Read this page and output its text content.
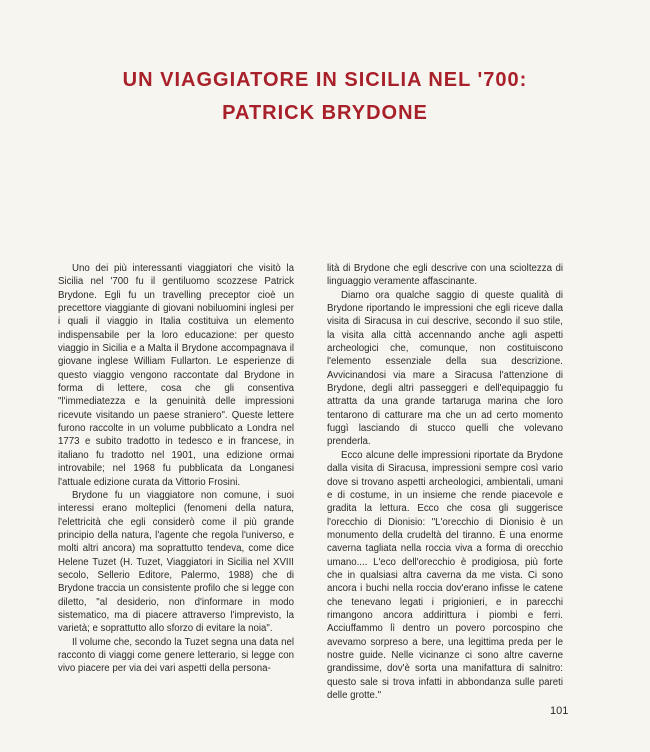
UN VIAGGIATORE IN SICILIA NEL '700:
PATRICK BRYDONE

Uno dei più interessanti viaggiatori che visitò la Sicilia nel '700 fu il gentiluomo scozzese Patrick Brydone. Egli fu un travelling preceptor cioè un precettore viaggiante di giovani nobiluomini inglesi per i quali il viaggio in Italia costituiva un elemento indispensabile per la loro educazione: per questo viaggio in Sicilia e a Malta il Brydone accompagnava il giovane inglese William Fullarton. Le esperienze di questo viaggio vengono raccontate dal Brydone in forma di lettere, cosa che gli consentiva "l'immediatezza e la genuinità delle impressioni ricevute visitando un paese straniero". Queste lettere furono raccolte in un volume pubblicato a Londra nel 1773 e subito tradotto in tedesco e in francese, in italiano fu tradotto nel 1901, una edizione ormai introvabile; nel 1968 fu pubblicata da Longanesi l'attuale edizione curata da Vittorio Frosini.

Brydone fu un viaggiatore non comune, i suoi interessi erano molteplici (fenomeni della natura, l'elettricità che egli considerò come il più grande principio della natura, l'agente che regola l'universo, e molti altri ancora) ma soprattutto tendeva, come dice Helene Tuzet (H. Tuzet, Viaggiatori in Sicilia nel XVIII secolo, Sellerio Editore, Palermo, 1988) che di Brydone traccia un consistente profilo che si legge con diletto, "al desiderio, non d'informare in modo sistematico, ma di piacere attraverso l'imprevisto, la varietà; e soprattutto allo sforzo di evitare la noia".

Il volume che, secondo la Tuzet segna una data nel racconto di viaggi come genere letterario, si legge con vivo piacere per via dei vari aspetti della persona-

lità di Brydone che egli descrive con una scioltezza di linguaggio veramente affascinante.

Diamo ora qualche saggio di queste qualità di Brydone riportando le impressioni che egli riceve dalla visita di Siracusa in cui descrive, secondo il suo stile, la visita alla città accennando anche agli aspetti archeologici che, comunque, non costituiscono l'elemento essenziale della sua descrizione. Avvicinandosi via mare a Siracusa l'attenzione di Brydone, degli altri passeggeri e dell'equipaggio fu attratta da una grande tartaruga marina che loro tentarono di catturare ma che un ad certo momento fuggì lasciando di stucco quelli che volevano prenderla.

Ecco alcune delle impressioni riportate da Brydone dalla visita di Siracusa, impressioni sempre così vario dove si trovano aspetti archeologici, ambientali, umani e di costume, in un insieme che rende piacevole e gradita la lettura. Ecco che cosa gli suggerisce l'orecchio di Dionisio: "L'orecchio di Dionisio è un monumento della crudeltà del tiranno. È una enorme caverna tagliata nella roccia viva a forma di orecchio umano.... L'eco dell'orecchio è prodigiosa, più forte che in qualsiasi altra caverna da me vista. Ci sono ancora i buchi nella roccia dov'erano infisse le catene che tenevano legati i prigionieri, e in parecchi rimangono ancora addirittura i piombi e ferri. Acciuffammo lì dentro un povero porcospino che avevamo sorpreso a bere, una legittima preda per le nostre guide. Nelle vicinanze ci sono altre caverne grandissime, dov'è sorta una manifattura di salnitro: questo sale si trova infatti in abbondanza sulle pareti delle grotte."

101
